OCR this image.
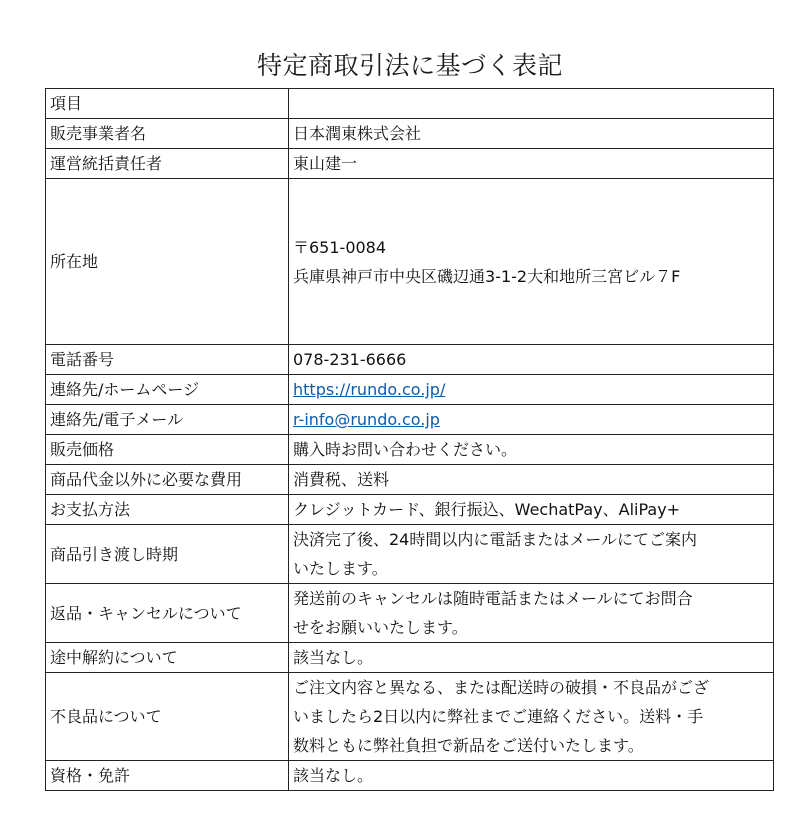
特定商取引法に基づく表記
項目	
販売事業者名	日本潤東株式会社
運営統括責任者	東山建一
所在地	〒651-0084
兵庫県神戸市中央区磯辺通3-1-2大和地所三宮ビル７F

電話番号	078-231-6666
連絡先/ホームページ	https://rundo.co.jp/
連絡先/電子メール	r-info@rundo.co.jp
販売価格	購入時お問い合わせください。
商品代金以外に必要な費用	消費税、送料
お支払方法	クレジットカード、銀行振込、WechatPay、AliPay+
商品引き渡し時期	決済完了後、24時間以内に電話またはメールにてご案内
いたします。

返品・キャンセルについて	発送前のキャンセルは随時電話またはメールにてお問合
せをお願いいたします。

途中解約について	該当なし。
不良品について	ご注文内容と異なる、または配送時の破損・不良品がござ
いましたら2日以内に弊社までご連絡ください。送料・手
数料ともに弊社負担で新品をご送付いたします。

資格・免許	該当なし。
